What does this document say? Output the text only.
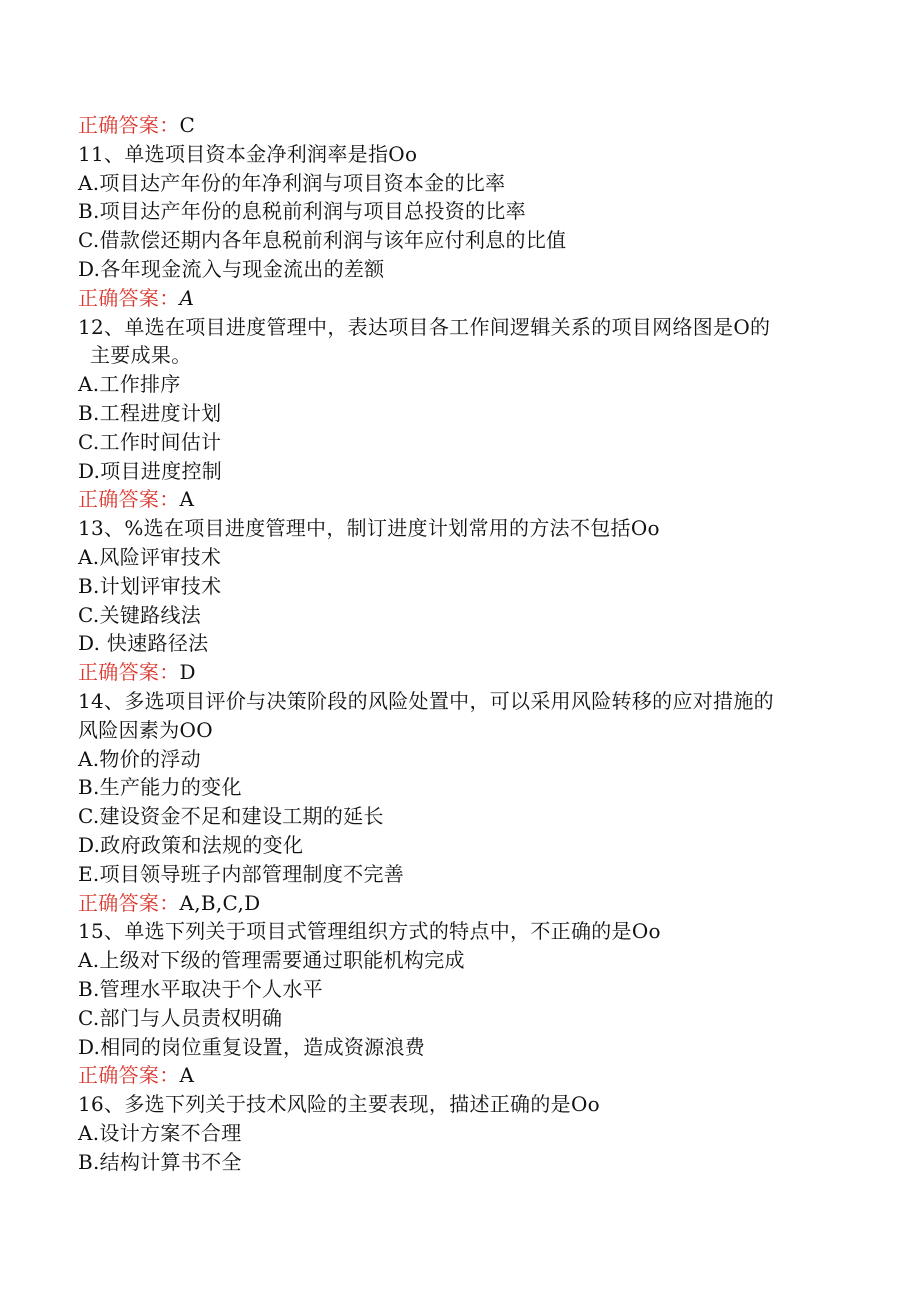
正确答案：C
11、单选项目资本金净利润率是指Oo
A.项目达产年份的年净利润与项目资本金的比率
B.项目达产年份的息税前利润与项目总投资的比率
C.借款偿还期内各年息税前利润与该年应付利息的比值
D.各年现金流入与现金流出的差额
正确答案：A
12、单选在项目进度管理中，表达项目各工作间逻辑关系的项目网络图是O的
主要成果。
A.工作排序
B.工程进度计划
C.工作时间估计
D.项目进度控制
正确答案：A
13、%选在项目进度管理中，制订进度计划常用的方法不包括Oo
A.风险评审技术
B.计划评审技术
C.关键路线法
D. 快速路径法
正确答案：D
14、多选项目评价与决策阶段的风险处置中，可以采用风险转移的应对措施的
风险因素为OO
A.物价的浮动
B.生产能力的变化
C.建设资金不足和建设工期的延长
D.政府政策和法规的变化
E.项目领导班子内部管理制度不完善
正确答案：A,B,C,D
15、单选下列关于项目式管理组织方式的特点中，不正确的是Oo
A.上级对下级的管理需要通过职能机构完成
B.管理水平取决于个人水平
C.部门与人员责权明确
D.相同的岗位重复设置，造成资源浪费
正确答案：A
16、多选下列关于技术风险的主要表现，描述正确的是Oo
A.设计方案不合理
B.结构计算书不全
